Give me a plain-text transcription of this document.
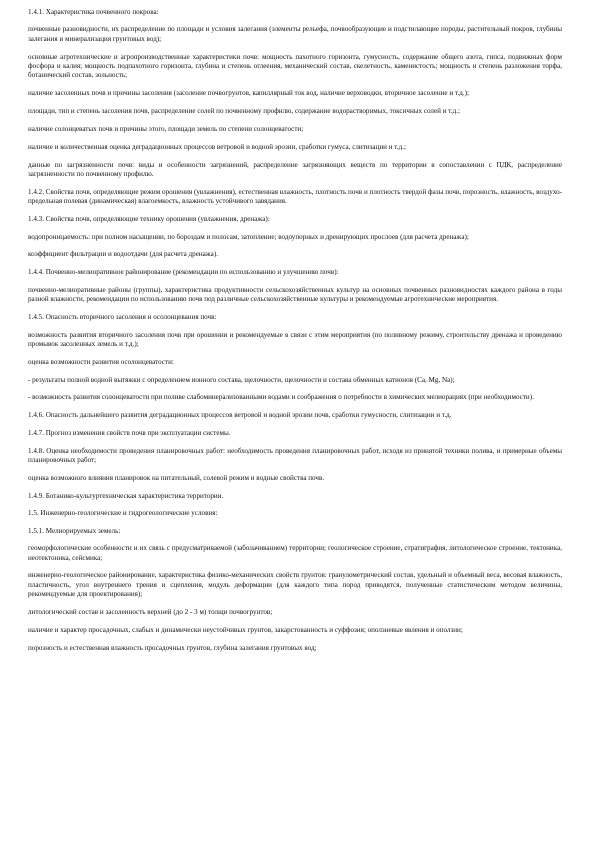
1.4.1. Характеристика почвенного покрова:

почвенные разновидности, их распределение по площади и условия залегания (элементы рельефа, почвообразующие и подстилающие породы, растительный покров, глубины залегания и минерализация грунтовых вод);

основные агротехнические и агропроизводственные характеристики почв: мощность пахотного горизонта, гумусность, содержание общего азота, гипса, подвижных форм фосфора и калия; мощность подпахотного горизонта, глубина и степень оглеения, механический состав, скелетность, каменистость; мощность и степень разложения торфа, ботанический состав, зольность;

наличие засоленных почв и причины засоления (засоление почвогрунтов, капиллярный ток вод, наличие верховодки, вторичное засоление и т.д.);

площади, тип и степень засоления почв, распределение солей по почвенному профилю, содержание водорастворимых, токсичных солей и т.д.;

наличие солонцеватых почв и причины этого, площади земель по степени солонцеватости;

наличие и количественная оценка деградационных процессов ветровой и водной эрозии, сработки гумуса, слитизации и т.д.;

данные по загрязненности почв: виды и особенности загрязнений, распределение загрязняющих веществ по территории в сопоставлении с ПДК, распределение загрязненности по почвенному профилю.

1.4.2. Свойства почв, определяющие режим орошения (увлажнения), естественная влажность, плотность почв и плотность твердой фазы почв, порозность, влажность, воздухо- предельная полевая (динамическая) влагоемкость, влажность устойчивого завядания.

1.4.3. Свойства почв, определяющие технику орошения (увлажнения, дренажа):

водопроницаемость: при полном насыщении, по бороздам и полосам, затопление; водоупорных и дренирующих прослоев (для расчета дренажа);

коэффициент фильтрации и водоотдачи (для расчета дренажа).

1.4.4. Почвенно-мелиоративное районирование (рекомендации по использованию и улучшению почв):

почвенно-мелиоративные районы (группы), характеристика продуктивности сельскохозяйственных культур на основных почвенных разновидностях каждого района в годы разной влажности, рекомендации по использованию почв под различные сельскохозяйственные культуры и рекомендуемые агротехнические мероприятия.

1.4.5. Опасность вторичного засоления и осолонцевания почв:

возможность развития вторичного засоления почв при орошении и рекомендуемые в связи с этим мероприятия (по поливному режиму, строительству дренажа и проведению промывок засоленных земель и т.д.);

оценка возможности развития осолонцеватости:

- результаты полной водной вытяжки с определением ионного состава, щелочности, щелочности и состава обменных катионов (Ca, Mg, Na);

- возможность развития солонцеватости при поливе слабоминерализованными водами и соображения о потребности в химических мелиорациях (при необходимости).

1.4.6. Опасность дальнейшего развития деградационных процессов ветровой и водной эрозии почв, сработки гумусности, слитизации и т.д.

1.4.7. Прогноз изменения свойств почв при эксплуатации системы.

1.4.8. Оценка необходимости проведения планировочных работ: необходимость проведения планировочных работ, исходя из принятой техники полива, и примерные объемы планировочных работ;

оценка возможного влияния планировок на питательный, солевой режим и водные свойства почв.

1.4.9. Ботанико-культуртехническая характеристика территории.

1.5. Инженерно-геологические и гидрогеологические условия:

1.5.1. Мелиорируемых земель:

геоморфологические особенности и их связь с предусматриваемой (заболачиванием) территории; геологическое строение, стратиграфия, литологическое строение, тектоника, неотектоника, сейсмика;

инженерно-геологическое районирование, характеристика физико-механических свойств грунтов: гранулометрический состав, удельный и объемный веса, весовая влажность, пластичность, угол внутреннего трения и сцепления, модуль деформации (для каждого типа пород приводятся, полученные статистическим методом величины, рекомендуемые для проектирования);

литологический состав и засоленность верхней (до 2 - 3 м) толщи почвогрунтов;

наличие и характер просадочных, слабых и динамически неустойчивых грунтов, закарстованность и суффозия; оползневые явления и оползни;

порозность и естественная влажность просадочных грунтов, глубина залегания грунтовых вод;
